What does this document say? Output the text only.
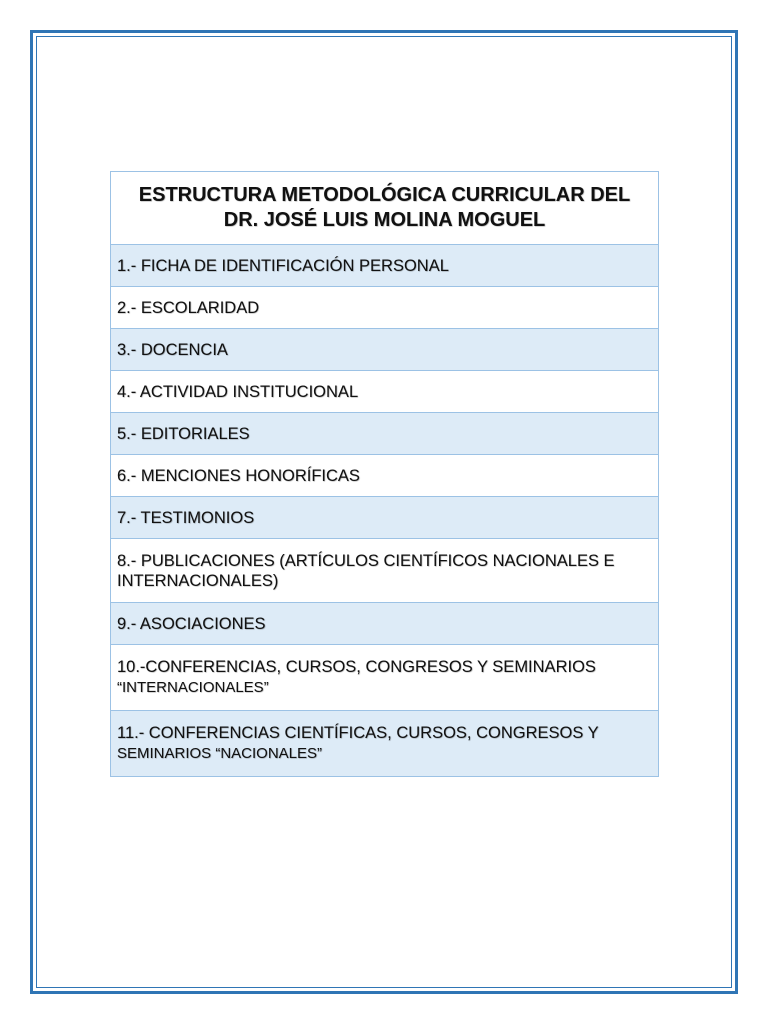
ESTRUCTURA METODOLÓGICA CURRICULAR DEL
DR. JOSÉ LUIS MOLINA MOGUEL

1.- FICHA DE IDENTIFICACIÓN PERSONAL
2.- ESCOLARIDAD
3.- DOCENCIA
4.- ACTIVIDAD INSTITUCIONAL
5.- EDITORIALES
6.- MENCIONES HONORÍFICAS
7.- TESTIMONIOS
8.- PUBLICACIONES (ARTÍCULOS CIENTÍFICOS NACIONALES E
INTERNACIONALES)
9.- ASOCIACIONES
10.-CONFERENCIAS, CURSOS, CONGRESOS Y SEMINARIOS
“INTERNACIONALES”
11.- CONFERENCIAS CIENTÍFICAS, CURSOS, CONGRESOS Y
SEMINARIOS “NACIONALES”
